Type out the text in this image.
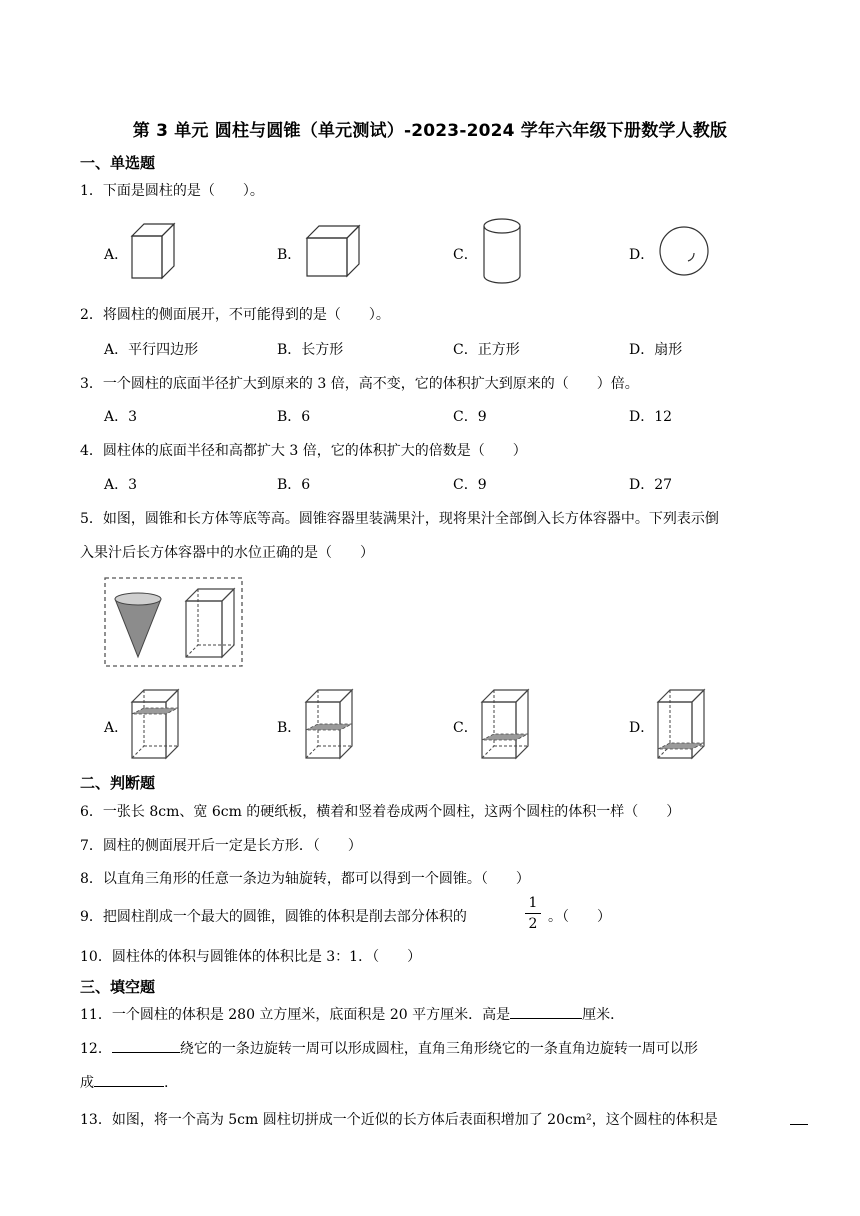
第 3 单元 圆柱与圆锥（单元测试）-2023-2024 学年六年级下册数学人教版
一、单选题
1．下面是圆柱的是（　　）。
A．	B．	C．	D．
2．将圆柱的侧面展开，不可能得到的是（　　）。
A．平行四边形	B．长方形	C．正方形	D．扇形
3．一个圆柱的底面半径扩大到原来的 3 倍，高不变，它的体积扩大到原来的（　　）倍。
A．3	B．6	C．9	D．12
4．圆柱体的底面半径和高都扩大 3 倍，它的体积扩大的倍数是（　　）
A．3	B．6	C．9	D．27
5．如图，圆锥和长方体等底等高。圆锥容器里装满果汁，现将果汁全部倒入长方体容器中。下列表示倒
入果汁后长方体容器中的水位正确的是（　　）
A．	B．	C．	D．
二、判断题
6．一张长 8cm、宽 6cm 的硬纸板，横着和竖着卷成两个圆柱，这两个圆柱的体积一样（　　）
7．圆柱的侧面展开后一定是长方形．（　　）
8．以直角三角形的任意一条边为轴旋转，都可以得到一个圆锥。（　　）
9．把圆柱削成一个最大的圆锥，圆锥的体积是削去部分体积的
1
2 。（　　）
10．圆柱体的体积与圆锥体的体积比是 3：1．（　　）
三、填空题
11．一个圆柱的体积是 280 立方厘米，底面积是 20 平方厘米．高是	厘米．
12．	绕它的一条边旋转一周可以形成圆柱，直角三角形绕它的一条直角边旋转一周可以形
成	.
13．如图，将一个高为 5cm 圆柱切拼成一个近似的长方体后表面积增加了 20cm²，这个圆柱的体积是
